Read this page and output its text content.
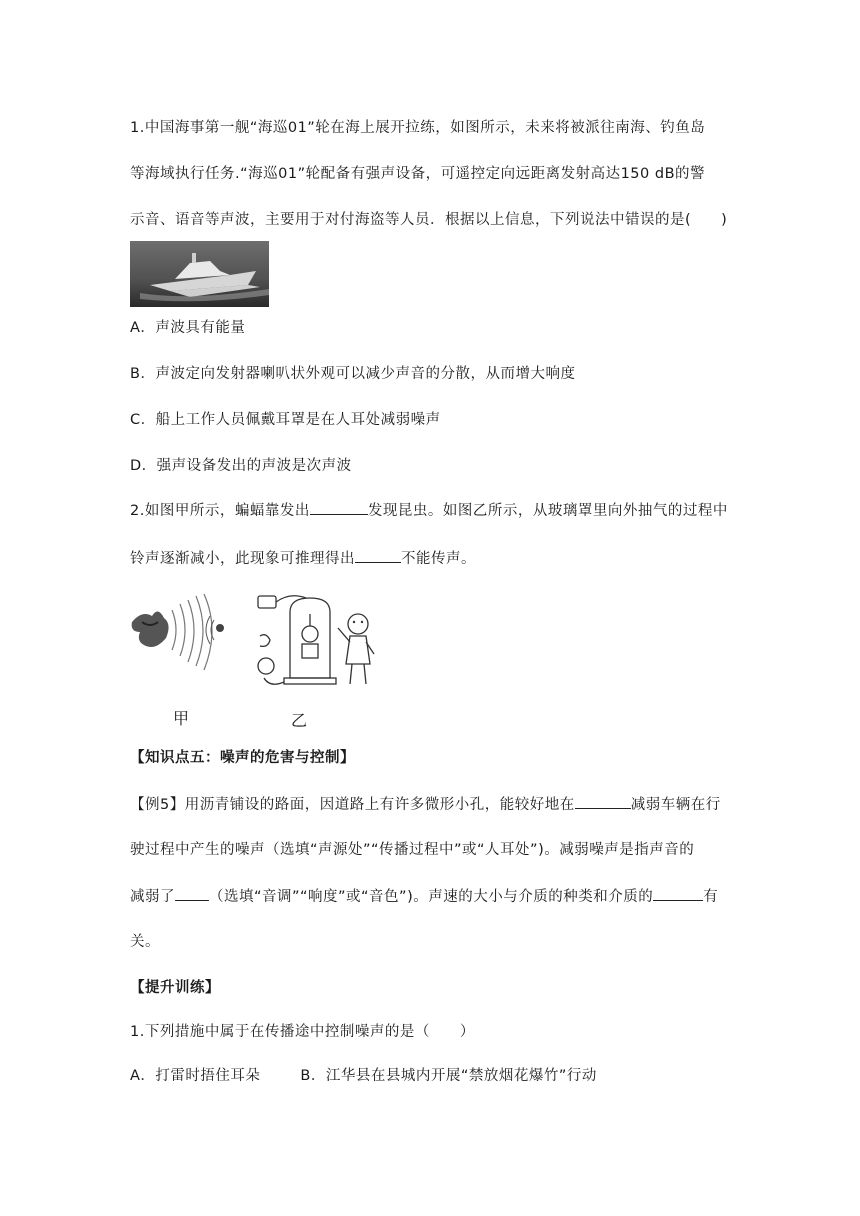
1.中国海事第一舰“海巡01”轮在海上展开拉练，如图所示，未来将被派往南海、钓鱼岛
等海域执行任务.“海巡01”轮配备有强声设备，可遥控定向远距离发射高达150 dB的警
示音、语音等声波，主要用于对付海盗等人员．根据以上信息，下列说法中错误的是(　　)
A．声波具有能量
B．声波定向发射器喇叭状外观可以减少声音的分散，从而增大响度
C．船上工作人员佩戴耳罩是在人耳处减弱噪声
D．强声设备发出的声波是次声波
2.如图甲所示，蝙蝠靠发出	发现昆虫。如图乙所示，从玻璃罩里向外抽气的过程中
铃声逐渐减小，此现象可推理得出	不能传声。
甲	乙
【知识点五：噪声的危害与控制】
【例5】用沥青铺设的路面，因道路上有许多微形小孔，能较好地在	减弱车辆在行
驶过程中产生的噪声（选填“声源处”“传播过程中”或“人耳处”)。减弱噪声是指声音的
减弱了 （选填“音调”“响度”或“音色”)。声速的大小与介质的种类和介质的	有
关。
【提升训练】
1.下列措施中属于在传播途中控制噪声的是（　　）
A．打雷时捂住耳朵	B．江华县在县城内开展“禁放烟花爆竹”行动
